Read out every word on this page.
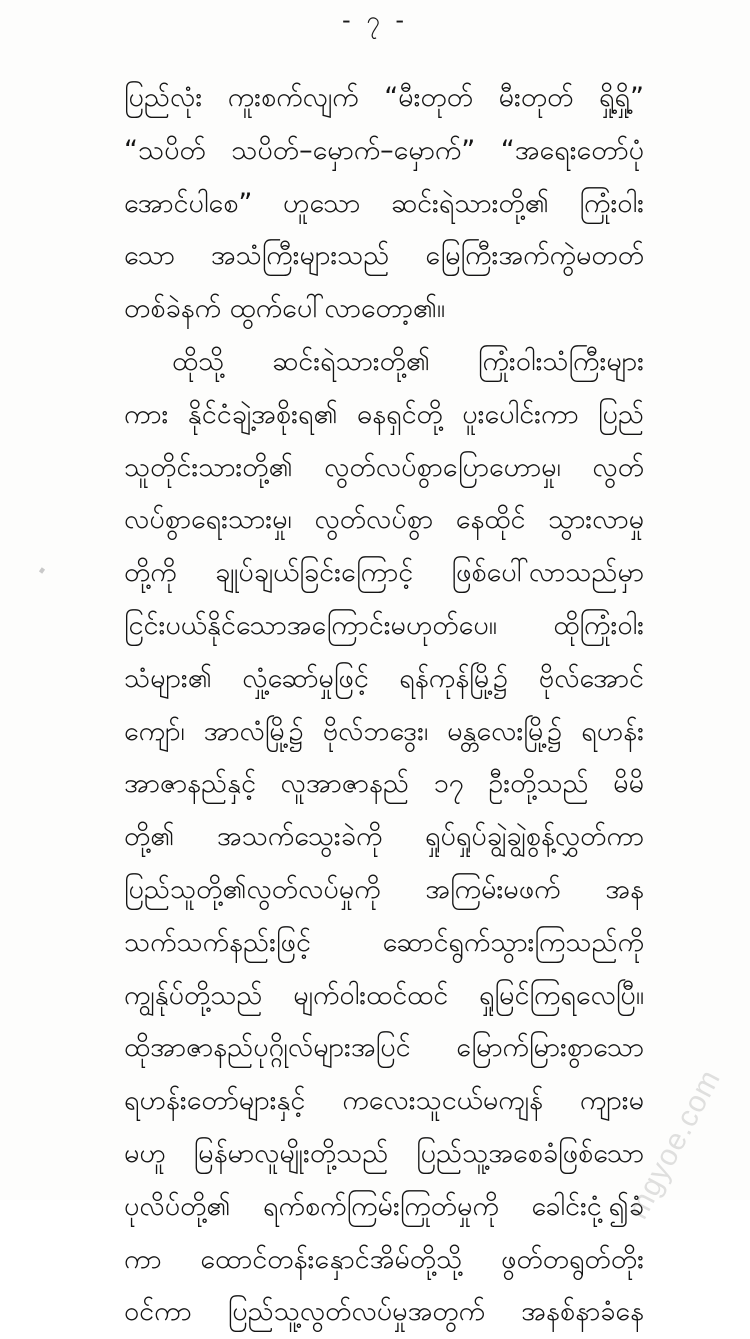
- ၇ -
ပြည်လုံး ကူးစက်လျက် “မီးတုတ် မီးတုတ် ရှို့ရှို့”
“သပိတ် သပိတ်–မှောက်–မှောက်” “အရေးတော်ပုံ
အောင်ပါစေ” ဟူသော ဆင်းရဲသားတို့၏ ကြုံးဝါး
သော အသံကြီးများသည် မြေကြီးအက်ကွဲမတတ်
တစ်ခဲနက် ထွက်ပေါ်လာတော့၏။
ထိုသို့ ဆင်းရဲသားတို့၏ ကြုံးဝါးသံကြီးများ
ကား နိုင်ငံချဲ့အစိုးရ၏ ဓနရှင်တို့ ပူးပေါင်းကာ ပြည်
သူတိုင်းသားတို့၏ လွတ်လပ်စွာပြောဟောမှု၊ လွတ်
လပ်စွာရေးသားမှု၊ လွတ်လပ်စွာ နေထိုင် သွားလာမှု
တို့ကို ချုပ်ချယ်ခြင်းကြောင့် ဖြစ်ပေါ်လာသည်မှာ
ငြင်းပယ်နိုင်သောအကြောင်းမဟုတ်ပေ။ ထိုကြုံးဝါး
သံများ၏ လှုံ့ဆော်မှုဖြင့် ရန်ကုန်မြို့၌ ဗိုလ်အောင်
ကျော်၊ အာလံမြို့၌ ဗိုလ်ဘဒွေး၊ မန္တလေးမြို့၌ ရဟန်း
အာဇာနည်နှင့် လူအာဇာနည် ၁၇ ဦးတို့သည် မိမိ
တို့၏ အသက်သွေးခဲကို ရှုပ်ရှုပ်ချွဲချွဲစွန့်လွှတ်ကာ
ပြည်သူတို့၏လွတ်လပ်မှုကို အကြမ်းမဖက် အန
သက်သက်နည်းဖြင့် ဆောင်ရွက်သွားကြသည်ကို
ကျွန်ုပ်တို့သည် မျက်ဝါးထင်ထင် ရှုမြင်ကြရလေပြီ။
ထိုအာဇာနည်ပုဂ္ဂိုလ်များအပြင် မြောက်မြားစွာသော
ရဟန်းတော်များနှင့် ကလေးသူငယ်မကျန် ကျားမ
မဟူ မြန်မာလူမျိုးတို့သည် ပြည်သူ့အစေခံဖြစ်သော
ပုလိပ်တို့၏ ရက်စက်ကြမ်းကြုတ်မှုကို ခေါင်းငုံ့၍ခံ
ကာ ထောင်တန်းနှောင်အိမ်တို့သို့ ဖွတ်တရွတ်တိုး
ဝင်ကာ ပြည်သူ့လွတ်လပ်မှုအတွက် အနစ်နာခံနေ
mgyoe.com
